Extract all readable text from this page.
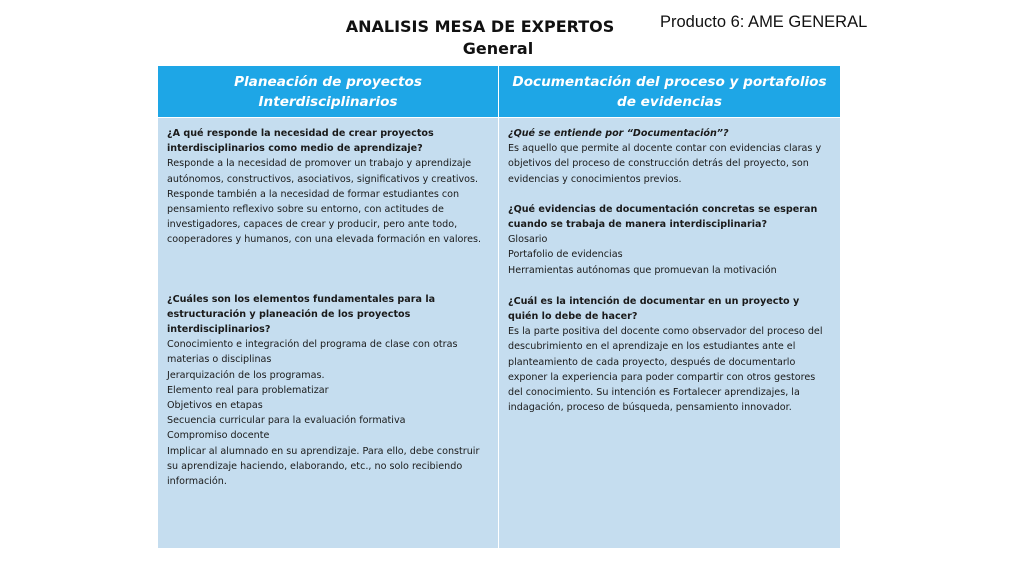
ANALISIS MESA DE EXPERTOS

General
Producto 6: AME GENERAL
Planeación de proyectos Interdisciplinarios
Documentación del proceso y portafolios de evidencias

¿A qué responde la necesidad de crear proyectos interdisciplinarios como medio de aprendizaje?

Responde a la necesidad de promover un trabajo y aprendizaje autónomos, constructivos, asociativos, significativos y creativos. Responde también a la necesidad de formar estudiantes con pensamiento reflexivo sobre su entorno, con actitudes de investigadores, capaces de crear y producir, pero ante todo, cooperadores y humanos, con una elevada formación en valores.

¿Cuáles son los elementos fundamentales para la estructuración y planeación de los proyectos interdisciplinarios?

Conocimiento e integración del programa de clase con otras materias o disciplinas

Jerarquización de los programas.

Elemento real para problematizar

Objetivos en etapas

Secuencia curricular para la evaluación formativa

Compromiso docente

Implicar al alumnado en su aprendizaje. Para ello, debe construir su aprendizaje haciendo, elaborando, etc., no solo recibiendo información.

¿Qué se entiende por “Documentación”?

Es aquello que permite al docente contar con evidencias claras y objetivos del proceso de construcción detrás del proyecto, son evidencias y conocimientos previos.

¿Qué evidencias de documentación concretas se esperan cuando se trabaja de manera interdisciplinaria?

Glosario

Portafolio de evidencias

Herramientas autónomas que promuevan la motivación

¿Cuál es la intención de documentar en un proyecto y quién lo debe de hacer?

Es la parte positiva del docente como observador del proceso del descubrimiento en el aprendizaje en los estudiantes ante el planteamiento de cada proyecto, después de documentarlo exponer la experiencia para poder compartir con otros gestores del conocimiento. Su intención es Fortalecer aprendizajes, la indagación, proceso de búsqueda, pensamiento innovador.
